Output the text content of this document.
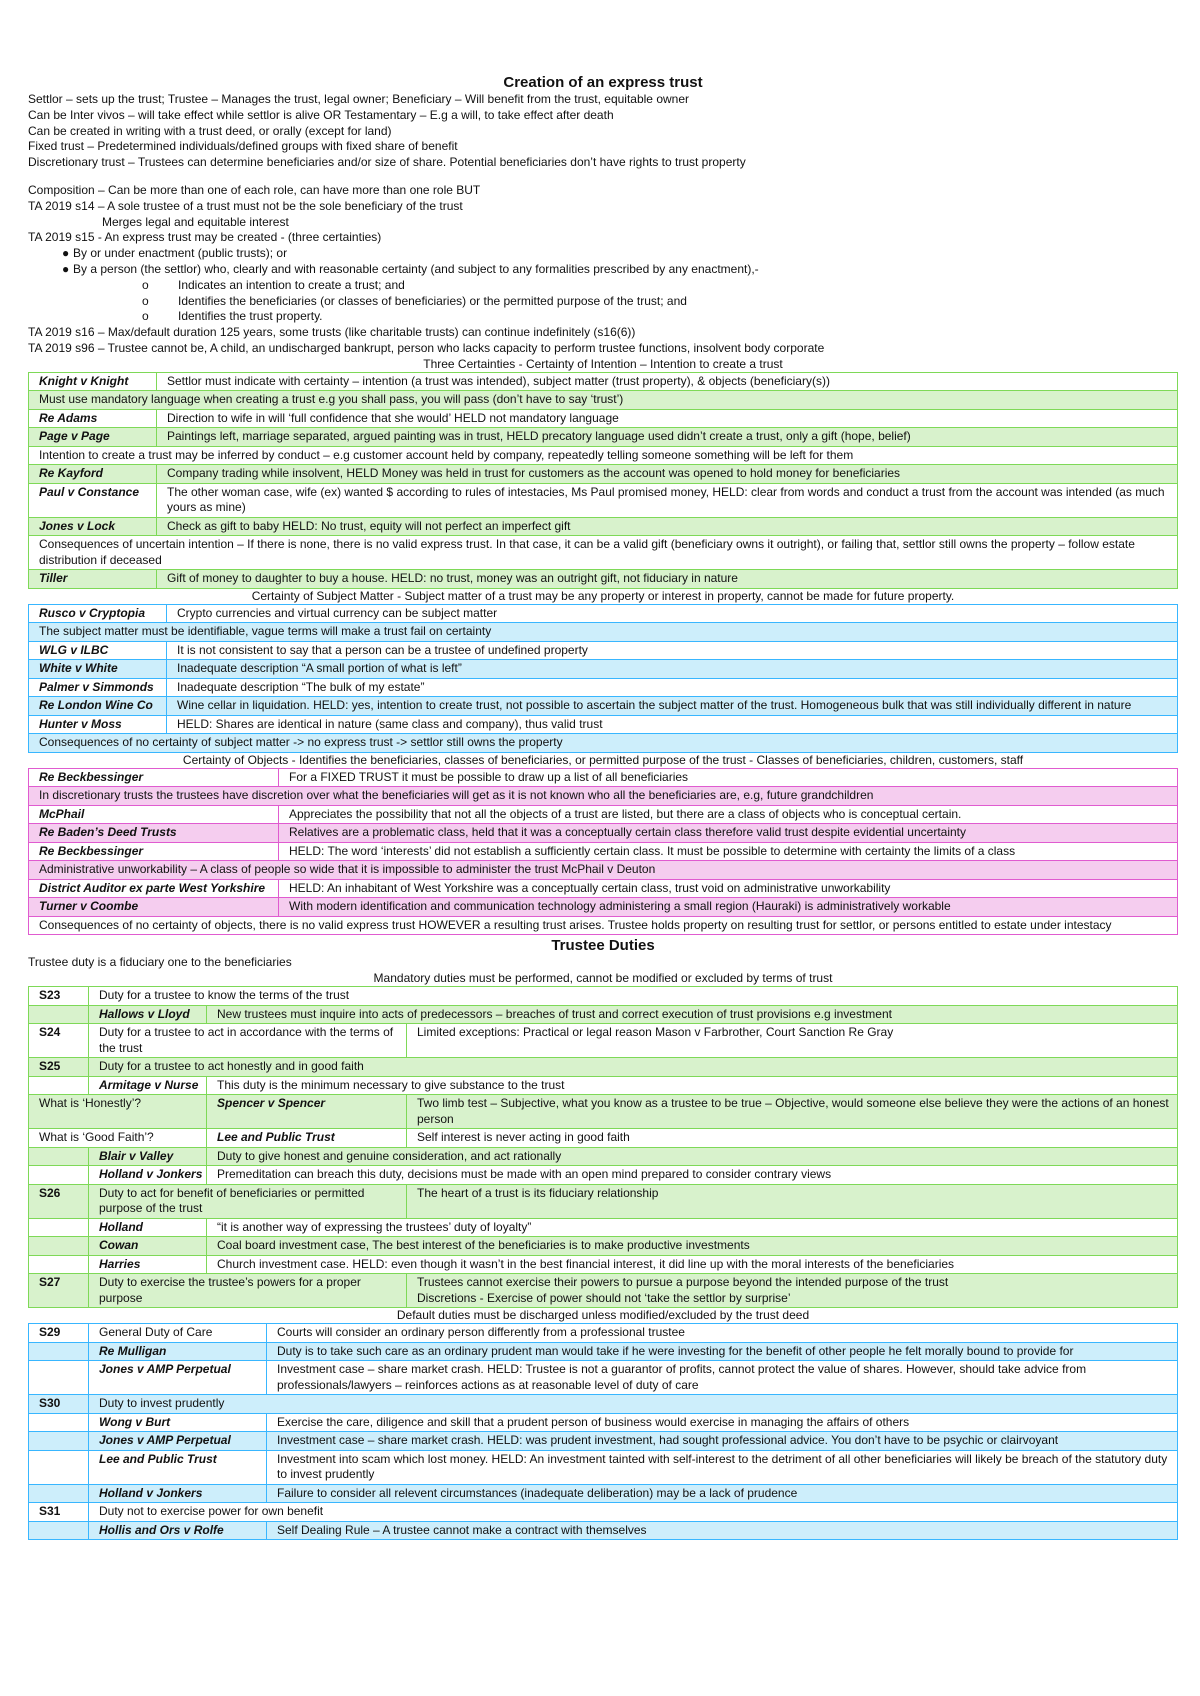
Creation of an express trust
Settlor – sets up the trust; Trustee – Manages the trust, legal owner; Beneficiary – Will benefit from the trust, equitable owner
Can be Inter vivos – will take effect while settlor is alive OR Testamentary – E.g a will, to take effect after death
Can be created in writing with a trust deed, or orally (except for land)
Fixed trust – Predetermined individuals/defined groups with fixed share of benefit
Discretionary trust – Trustees can determine beneficiaries and/or size of share. Potential beneficiaries don’t have rights to trust property
Composition – Can be more than one of each role, can have more than one role BUT
TA 2019 s14 – A sole trustee of a trust must not be the sole beneficiary of the trust
Merges legal and equitable interest
TA 2019 s15 - An express trust may be created - (three certainties)
● By or under enactment (public trusts); or
● By a person (the settlor) who, clearly and with reasonable certainty (and subject to any formalities prescribed by any enactment),-
o Indicates an intention to create a trust; and
o Identifies the beneficiaries (or classes of beneficiaries) or the permitted purpose of the trust; and
o Identifies the trust property.
TA 2019 s16 – Max/default duration 125 years, some trusts (like charitable trusts) can continue indefinitely (s16(6))
TA 2019 s96 – Trustee cannot be, A child, an undischarged bankrupt, person who lacks capacity to perform trustee functions, insolvent body corporate
Three Certainties - Certainty of Intention – Intention to create a trust
Knight v Knight	Settlor must indicate with certainty – intention (a trust was intended), subject matter (trust property), & objects (beneficiary(s))
Must use mandatory language when creating a trust e.g you shall pass, you will pass (don’t have to say ‘trust’)	
Re Adams	Direction to wife in will ‘full confidence that she would’ HELD not mandatory language
Page v Page	Paintings left, marriage separated, argued painting was in trust, HELD precatory language used didn’t create a trust, only a gift (hope, belief)
Intention to create a trust may be inferred by conduct – e.g customer account held by company, repeatedly telling someone something will be left for them	
Re Kayford	Company trading while insolvent, HELD Money was held in trust for customers as the account was opened to hold money for beneficiaries
Paul v Constance	The other woman case, wife (ex) wanted $ according to rules of intestacies, Ms Paul promised money, HELD: clear from words and conduct a trust from the account was intended (as much yours as mine)
Jones v Lock	Check as gift to baby HELD: No trust, equity will not perfect an imperfect gift
Consequences of uncertain intention – If there is none, there is no valid express trust. In that case, it can be a valid gift (beneficiary owns it outright), or failing that, settlor still owns the property – follow estate distribution if deceased	
Tiller	Gift of money to daughter to buy a house. HELD: no trust, money was an outright gift, not fiduciary in nature
Certainty of Subject Matter - Subject matter of a trust may be any property or interest in property, cannot be made for future property.
Rusco v Cryptopia	Crypto currencies and virtual currency can be subject matter
The subject matter must be identifiable, vague terms will make a trust fail on certainty	
WLG v ILBC	It is not consistent to say that a person can be a trustee of undefined property
White v White	Inadequate description “A small portion of what is left”
Palmer v Simmonds	Inadequate description “The bulk of my estate”
Re London Wine Co	Wine cellar in liquidation. HELD: yes, intention to create trust, not possible to ascertain the subject matter of the trust. Homogeneous bulk that was still individually different in nature
Hunter v Moss	HELD: Shares are identical in nature (same class and company), thus valid trust
Consequences of no certainty of subject matter -> no express trust -> settlor still owns the property	
Certainty of Objects - Identifies the beneficiaries, classes of beneficiaries, or permitted purpose of the trust - Classes of beneficiaries, children, customers, staff
Re Beckbessinger	For a FIXED TRUST it must be possible to draw up a list of all beneficiaries
In discretionary trusts the trustees have discretion over what the beneficiaries will get as it is not known who all the beneficiaries are, e.g, future grandchildren	
McPhail	Appreciates the possibility that not all the objects of a trust are listed, but there are a class of objects who is conceptual certain.
Re Baden’s Deed Trusts	Relatives are a problematic class, held that it was a conceptually certain class therefore valid trust despite evidential uncertainty
Re Beckbessinger	HELD: The word ‘interests’ did not establish a sufficiently certain class. It must be possible to determine with certainty the limits of a class
Administrative unworkability – A class of people so wide that it is impossible to administer the trust McPhail v Deuton	
District Auditor ex parte West Yorkshire	HELD: An inhabitant of West Yorkshire was a conceptually certain class, trust void on administrative unworkability
Turner v Coombe	With modern identification and communication technology administering a small region (Hauraki) is administratively workable
Consequences of no certainty of objects, there is no valid express trust HOWEVER a resulting trust arises. Trustee holds property on resulting trust for settlor, or persons entitled to estate under intestacy	
Trustee Duties
Trustee duty is a fiduciary one to the beneficiaries
Mandatory duties must be performed, cannot be modified or excluded by terms of trust
S23	Duty for a trustee to know the terms of the trust		
	Hallows v Lloyd	New trustees must inquire into acts of predecessors – breaches of trust and correct execution of trust provisions e.g investment	
S24	Duty for a trustee to act in accordance with the terms of the trust		Limited exceptions: Practical or legal reason Mason v Farbrother, Court Sanction Re Gray
S25	Duty for a trustee to act honestly and in good faith		
	Armitage v Nurse	This duty is the minimum necessary to give substance to the trust	
What is ‘Honestly’?		Spencer v Spencer	Two limb test – Subjective, what you know as a trustee to be true – Objective, would someone else believe they were the actions of an honest person
What is ‘Good Faith’?		Lee and Public Trust	Self interest is never acting in good faith
	Blair v Valley	Duty to give honest and genuine consideration, and act rationally	
	Holland v Jonkers	Premeditation can breach this duty, decisions must be made with an open mind prepared to consider contrary views	
S26	Duty to act for benefit of beneficiaries or permitted purpose of the trust		The heart of a trust is its fiduciary relationship
	Holland	“it is another way of expressing the trustees’ duty of loyalty”	
	Cowan	Coal board investment case, The best interest of the beneficiaries is to make productive investments	
	Harries	Church investment case. HELD: even though it wasn’t in the best financial interest, it did line up with the moral interests of the beneficiaries	
S27	Duty to exercise the trustee’s powers for a proper purpose		Trustees cannot exercise their powers to pursue a purpose beyond the intended purpose of the trust
Discretions - Exercise of power should not ‘take the settlor by surprise’
Default duties must be discharged unless modified/excluded by the trust deed
S29	General Duty of Care	Courts will consider an ordinary person differently from a professional trustee
	Re Mulligan	Duty is to take such care as an ordinary prudent man would take if he were investing for the benefit of other people he felt morally bound to provide for
	Jones v AMP Perpetual	Investment case – share market crash. HELD: Trustee is not a guarantor of profits, cannot protect the value of shares. However, should take advice from professionals/lawyers – reinforces actions as at reasonable level of duty of care
S30	Duty to invest prudently	
	Wong v Burt	Exercise the care, diligence and skill that a prudent person of business would exercise in managing the affairs of others
	Jones v AMP Perpetual	Investment case – share market crash. HELD: was prudent investment, had sought professional advice. You don’t have to be psychic or clairvoyant
	Lee and Public Trust	Investment into scam which lost money. HELD: An investment tainted with self-interest to the detriment of all other beneficiaries will likely be breach of the statutory duty to invest prudently
	Holland v Jonkers	Failure to consider all relevent circumstances (inadequate deliberation) may be a lack of prudence
S31	Duty not to exercise power for own benefit	
	Hollis and Ors v Rolfe	Self Dealing Rule – A trustee cannot make a contract with themselves
